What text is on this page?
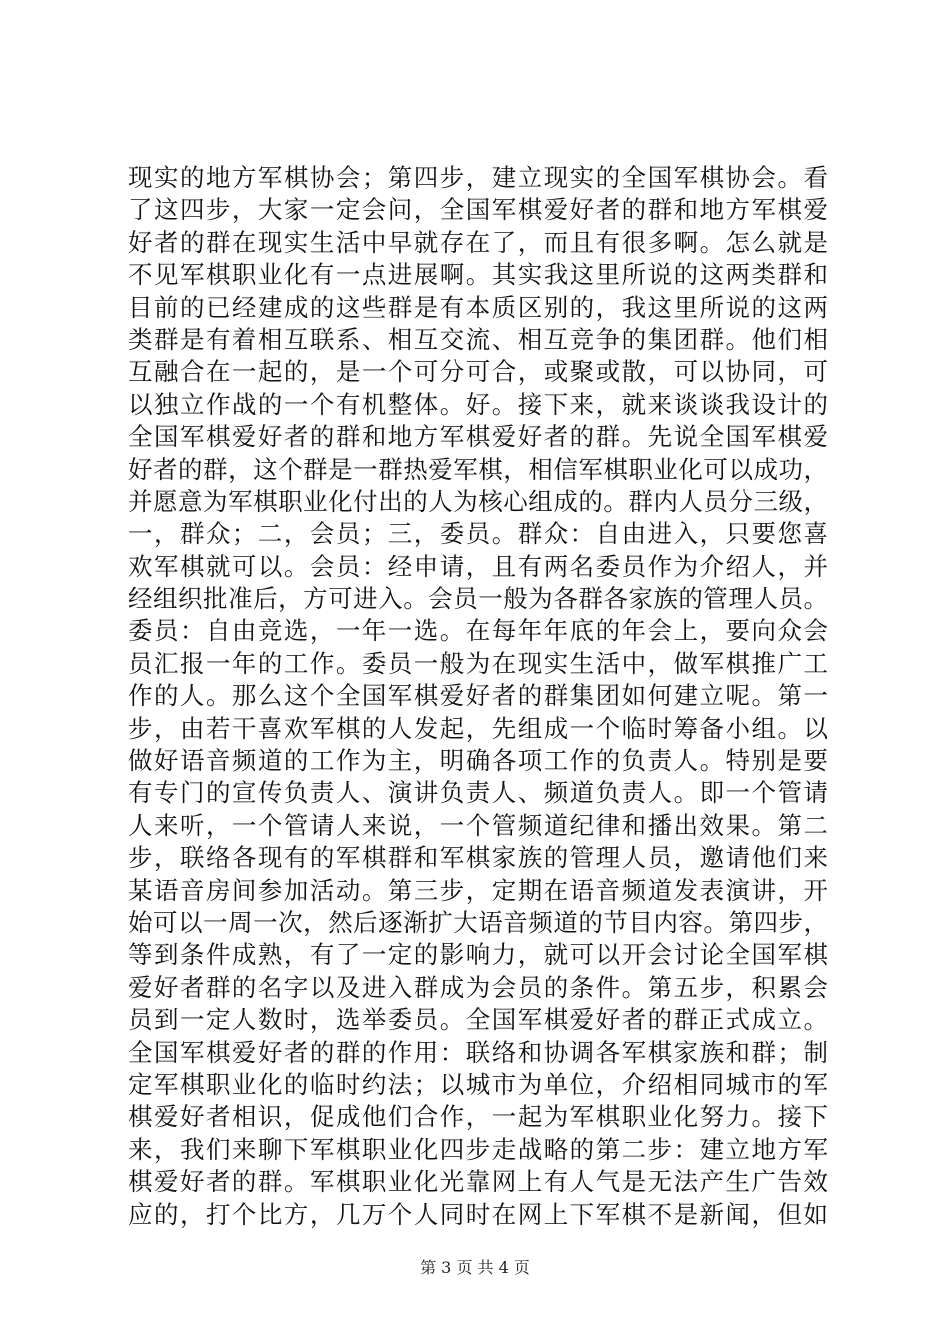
现实的地方军棋协会；第四步，建立现实的全国军棋协会。看
了这四步，大家一定会问，全国军棋爱好者的群和地方军棋爱
好者的群在现实生活中早就存在了，而且有很多啊。怎么就是
不见军棋职业化有一点进展啊。其实我这里所说的这两类群和
目前的已经建成的这些群是有本质区别的，我这里所说的这两
类群是有着相互联系、相互交流、相互竞争的集团群。他们相
互融合在一起的，是一个可分可合，或聚或散，可以协同，可
以独立作战的一个有机整体。好。接下来，就来谈谈我设计的
全国军棋爱好者的群和地方军棋爱好者的群。先说全国军棋爱
好者的群，这个群是一群热爱军棋，相信军棋职业化可以成功，
并愿意为军棋职业化付出的人为核心组成的。群内人员分三级，
一，群众；二，会员；三，委员。群众：自由进入，只要您喜
欢军棋就可以。会员：经申请，且有两名委员作为介绍人，并
经组织批准后，方可进入。会员一般为各群各家族的管理人员。
委员：自由竞选，一年一选。在每年年底的年会上，要向众会
员汇报一年的工作。委员一般为在现实生活中，做军棋推广工
作的人。那么这个全国军棋爱好者的群集团如何建立呢。第一
步，由若干喜欢军棋的人发起，先组成一个临时筹备小组。以
做好语音频道的工作为主，明确各项工作的负责人。特别是要
有专门的宣传负责人、演讲负责人、频道负责人。即一个管请
人来听，一个管请人来说，一个管频道纪律和播出效果。第二
步，联络各现有的军棋群和军棋家族的管理人员，邀请他们来
某语音房间参加活动。第三步，定期在语音频道发表演讲，开
始可以一周一次，然后逐渐扩大语音频道的节目内容。第四步，
等到条件成熟，有了一定的影响力，就可以开会讨论全国军棋
爱好者群的名字以及进入群成为会员的条件。第五步，积累会
员到一定人数时，选举委员。全国军棋爱好者的群正式成立。
全国军棋爱好者的群的作用：联络和协调各军棋家族和群；制
定军棋职业化的临时约法；以城市为单位，介绍相同城市的军
棋爱好者相识，促成他们合作，一起为军棋职业化努力。接下
来，我们来聊下军棋职业化四步走战略的第二步：建立地方军
棋爱好者的群。军棋职业化光靠网上有人气是无法产生广告效
应的，打个比方，几万个人同时在网上下军棋不是新闻，但如
第 3 页 共 4 页
